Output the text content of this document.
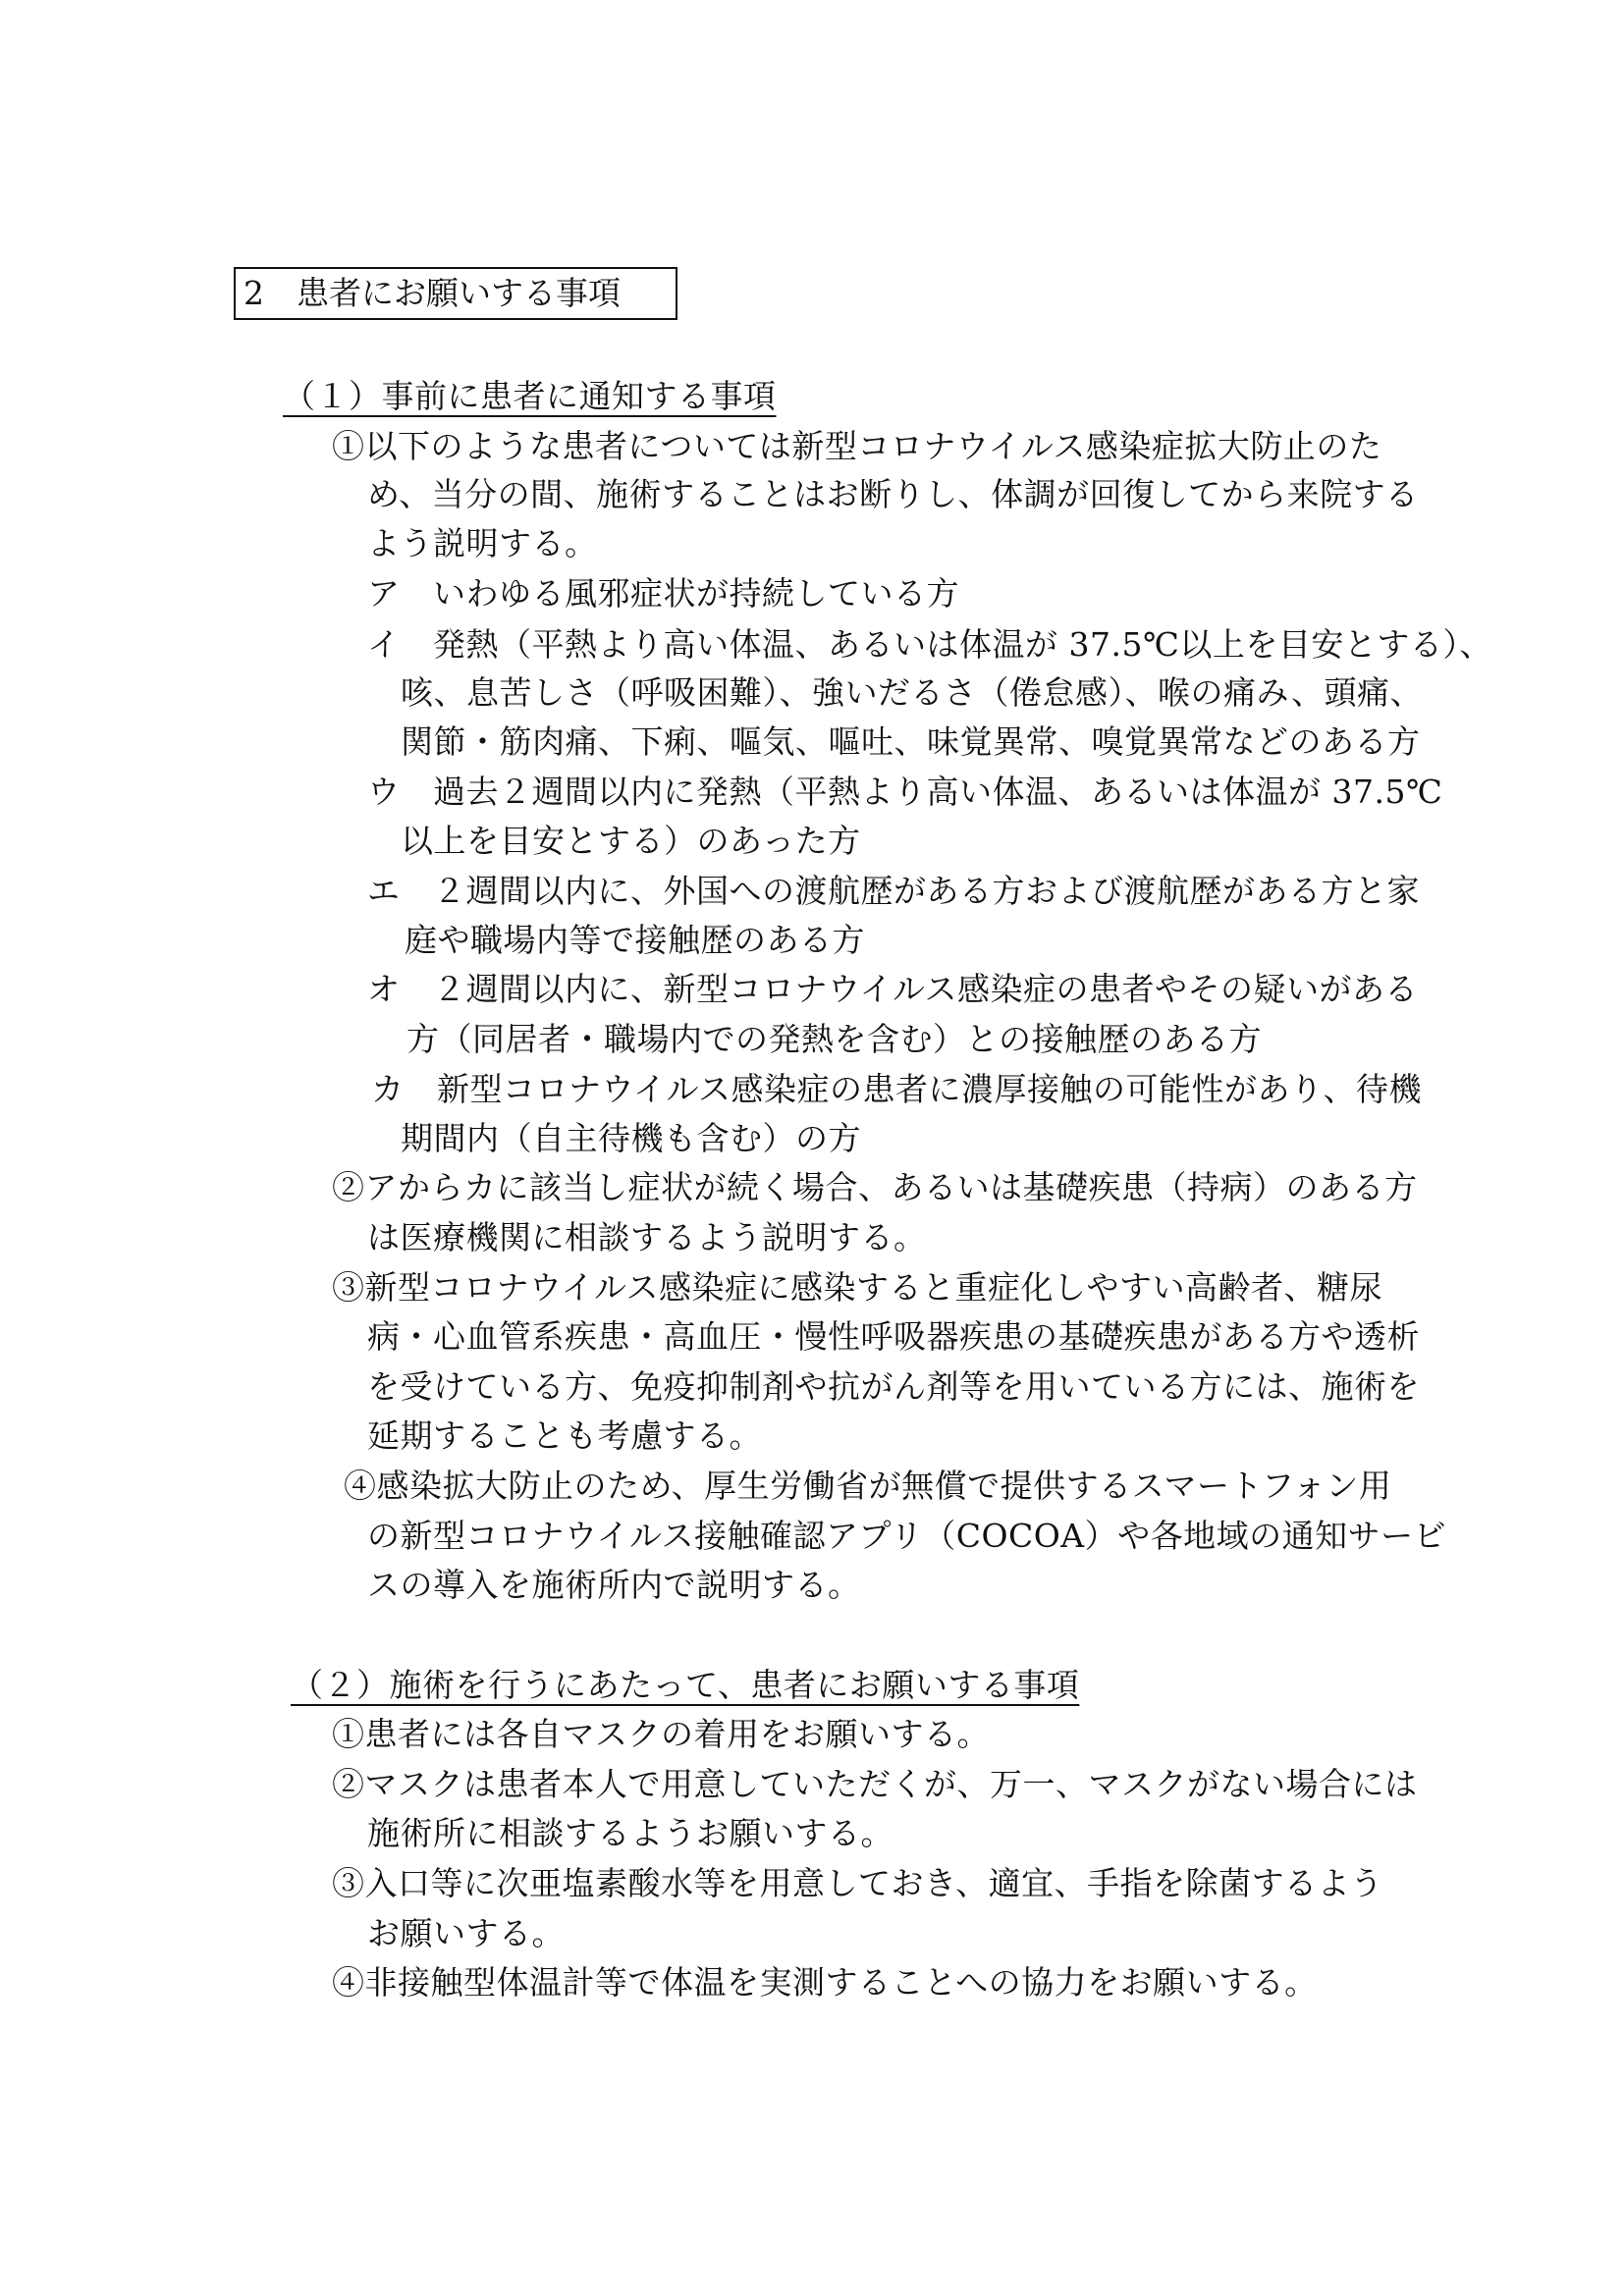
2　患者にお願いする事項
（１）事前に患者に通知する事項
①以下のような患者については新型コロナウイルス感染症拡大防止のた
め、当分の間、施術することはお断りし、体調が回復してから来院する
よう説明する。
ア　いわゆる風邪症状が持続している方
イ　発熱（平熱より高い体温、あるいは体温が 37.5℃以上を目安とする）、
咳、息苦しさ（呼吸困難）、強いだるさ（倦怠感）、喉の痛み、頭痛、
関節・筋肉痛、下痢、嘔気、嘔吐、味覚異常、嗅覚異常などのある方
ウ　過去２週間以内に発熱（平熱より高い体温、あるいは体温が 37.5℃
以上を目安とする）のあった方
エ　２週間以内に、外国への渡航歴がある方および渡航歴がある方と家
庭や職場内等で接触歴のある方
オ　２週間以内に、新型コロナウイルス感染症の患者やその疑いがある
方（同居者・職場内での発熱を含む）との接触歴のある方
カ　新型コロナウイルス感染症の患者に濃厚接触の可能性があり、待機
期間内（自主待機も含む）の方
②アからカに該当し症状が続く場合、あるいは基礎疾患（持病）のある方
は医療機関に相談するよう説明する。
③新型コロナウイルス感染症に感染すると重症化しやすい高齢者、糖尿
病・心血管系疾患・高血圧・慢性呼吸器疾患の基礎疾患がある方や透析
を受けている方、免疫抑制剤や抗がん剤等を用いている方には、施術を
延期することも考慮する。
④感染拡大防止のため、厚生労働省が無償で提供するスマートフォン用
の新型コロナウイルス接触確認アプリ（COCOA）や各地域の通知サービ
スの導入を施術所内で説明する。
（２）施術を行うにあたって、患者にお願いする事項
①患者には各自マスクの着用をお願いする。
②マスクは患者本人で用意していただくが、万一、マスクがない場合には
施術所に相談するようお願いする。
③入口等に次亜塩素酸水等を用意しておき、適宜、手指を除菌するよう
お願いする。
④非接触型体温計等で体温を実測することへの協力をお願いする。
